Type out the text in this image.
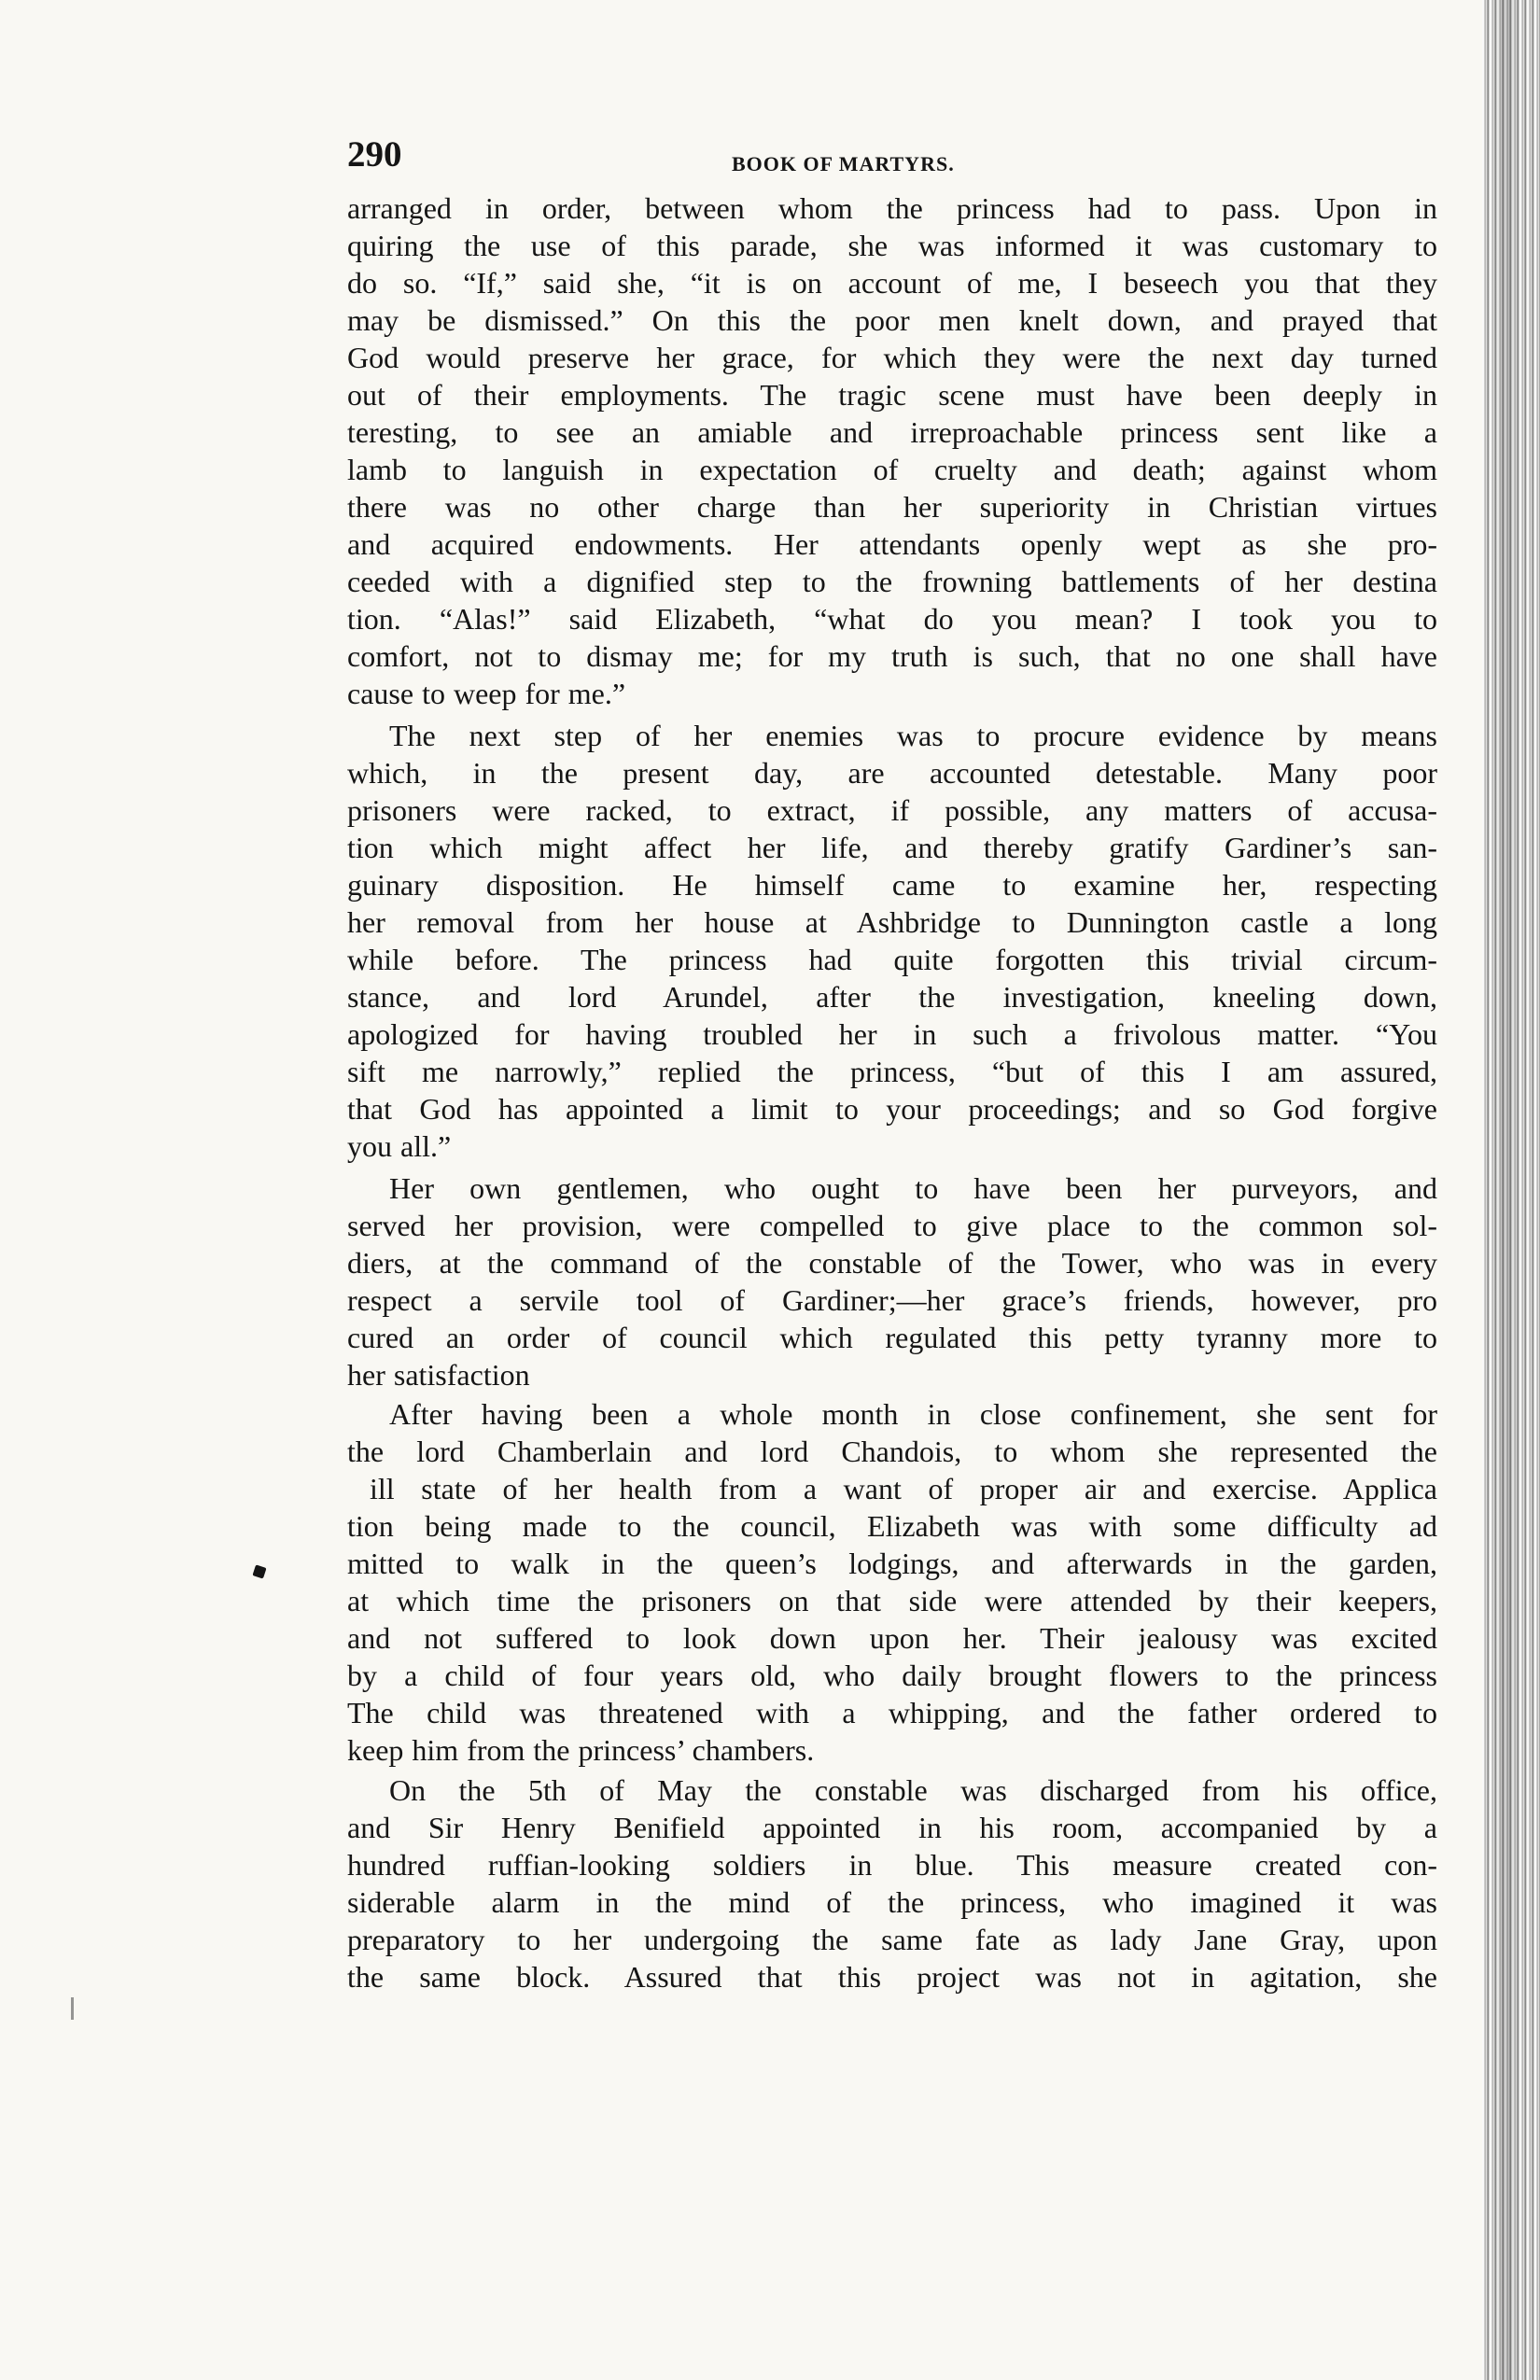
290	BOOK OF MARTYRS.
arranged in order, between whom the princess had to pass. Upon in
quiring the use of this parade, she was informed it was customary to
do so. “If,” said she, “it is on account of me, I beseech you that they
may be dismissed.” On this the poor men knelt down, and prayed that
God would preserve her grace, for which they were the next day turned
out of their employments. The tragic scene must have been deeply in
teresting, to see an amiable and irreproachable princess sent like a
lamb to languish in expectation of cruelty and death; against whom
there was no other charge than her superiority in Christian virtues
and acquired endowments. Her attendants openly wept as she pro-
ceeded with a dignified step to the frowning battlements of her destina
tion. “Alas!” said Elizabeth, “what do you mean? I took you to
comfort, not to dismay me; for my truth is such, that no one shall have
cause to weep for me.”
The next step of her enemies was to procure evidence by means
which, in the present day, are accounted detestable. Many poor
prisoners were racked, to extract, if possible, any matters of accusa-
tion which might affect her life, and thereby gratify Gardiner’s san-
guinary disposition. He himself came to examine her, respecting
her removal from her house at Ashbridge to Dunnington castle a long
while before. The princess had quite forgotten this trivial circum-
stance, and lord Arundel, after the investigation, kneeling down,
apologized for having troubled her in such a frivolous matter. “You
sift me narrowly,” replied the princess, “but of this I am assured,
that God has appointed a limit to your proceedings; and so God forgive
you all.”
Her own gentlemen, who ought to have been her purveyors, and
served her provision, were compelled to give place to the common sol-
diers, at the command of the constable of the Tower, who was in every
respect a servile tool of Gardiner;—her grace’s friends, however, pro
cured an order of council which regulated this petty tyranny more to
her satisfaction
After having been a whole month in close confinement, she sent for
the lord Chamberlain and lord Chandois, to whom she represented the
ill state of her health from a want of proper air and exercise. Applica
tion being made to the council, Elizabeth was with some difficulty ad
mitted to walk in the queen’s lodgings, and afterwards in the garden,
at which time the prisoners on that side were attended by their keepers,
and not suffered to look down upon her. Their jealousy was excited
by a child of four years old, who daily brought flowers to the princess
The child was threatened with a whipping, and the father ordered to
keep him from the princess’ chambers.
On the 5th of May the constable was discharged from his office,
and Sir Henry Benifield appointed in his room, accompanied by a
hundred ruffian-looking soldiers in blue. This measure created con-
siderable alarm in the mind of the princess, who imagined it was
preparatory to her undergoing the same fate as lady Jane Gray, upon
the same block. Assured that this project was not in agitation, she
